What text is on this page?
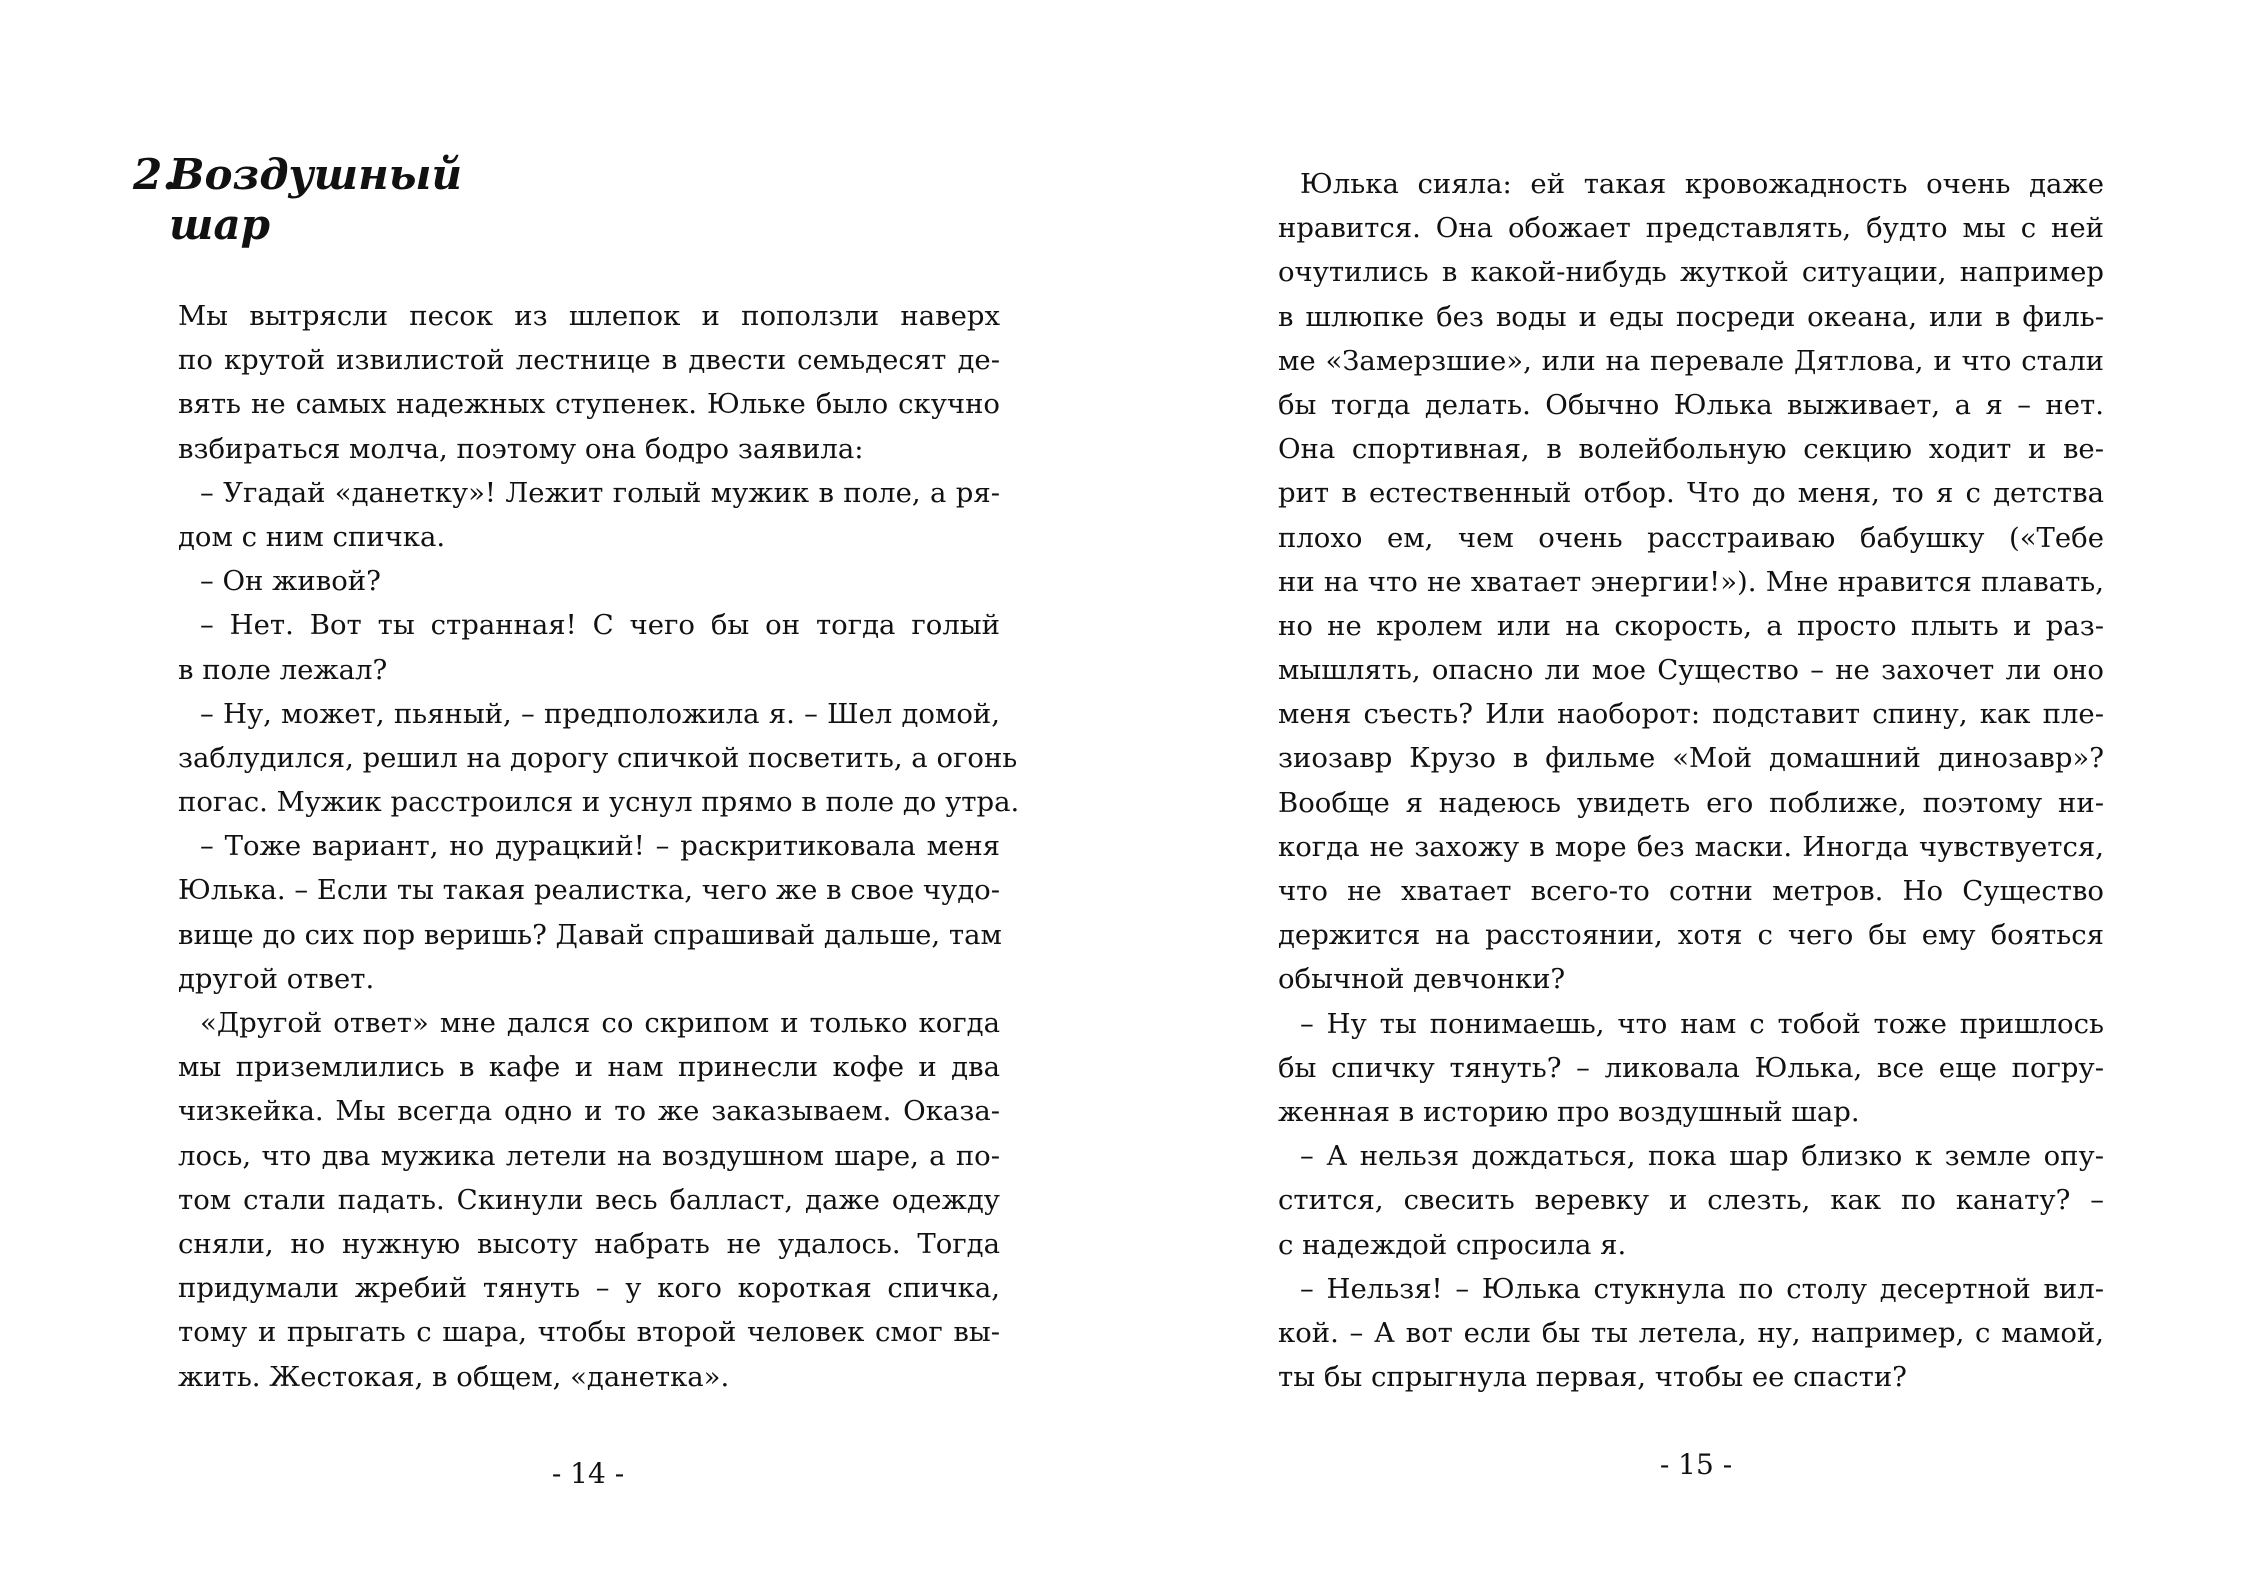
2.Воздушный
шар
Мы вытрясли песок из шлепок и поползли наверх
по крутой извилистой лестнице в двести семьдесят де-
вять не самых надежных ступенек. Юльке было скучно
взбираться молча, поэтому она бодро заявила:
– Угадай «данетку»! Лежит голый мужик в поле, а ря-
дом с ним спичка.
– Он живой?
– Нет. Вот ты странная! С чего бы он тогда голый
в поле лежал?
– Ну, может, пьяный, – предположила я. – Шел домой,
заблудился, решил на дорогу спичкой посветить, а огонь
погас. Мужик расстроился и уснул прямо в поле до утра.
– Тоже вариант, но дурацкий! – раскритиковала меня
Юлька. – Если ты такая реалистка, чего же в свое чудо-
вище до сих пор веришь? Давай спрашивай дальше, там
другой ответ.
«Другой ответ» мне дался со скрипом и только когда
мы приземлились в кафе и нам принесли кофе и два
чизкейка. Мы всегда одно и то же заказываем. Оказа-
лось, что два мужика летели на воздушном шаре, а по-
том стали падать. Скинули весь балласт, даже одежду
сняли, но нужную высоту набрать не удалось. Тогда
придумали жребий тянуть – у кого короткая спичка,
тому и прыгать с шара, чтобы второй человек смог вы-
жить. Жестокая, в общем, «данетка».
- 14 -
Юлька сияла: ей такая кровожадность очень даже
нравится. Она обожает представлять, будто мы с ней
очутились в какой-нибудь жуткой ситуации, например
в шлюпке без воды и еды посреди океана, или в филь-
ме «Замерзшие», или на перевале Дятлова, и что стали
бы тогда делать. Обычно Юлька выживает, а я – нет.
Она спортивная, в волейбольную секцию ходит и ве-
рит в естественный отбор. Что до меня, то я с детства
плохо ем, чем очень расстраиваю бабушку («Тебе
ни на что не хватает энергии!»). Мне нравится плавать,
но не кролем или на скорость, а просто плыть и раз-
мышлять, опасно ли мое Существо – не захочет ли оно
меня съесть? Или наоборот: подставит спину, как пле-
зиозавр Крузо в фильме «Мой домашний динозавр»?
Вообще я надеюсь увидеть его поближе, поэтому ни-
когда не захожу в море без маски. Иногда чувствуется,
что не хватает всего-то сотни метров. Но Существо
держится на расстоянии, хотя с чего бы ему бояться
обычной девчонки?
– Ну ты понимаешь, что нам с тобой тоже пришлось
бы спичку тянуть? – ликовала Юлька, все еще погру-
женная в историю про воздушный шар.
– А нельзя дождаться, пока шар близко к земле опу-
стится, свесить веревку и слезть, как по канату? –
с надеждой спросила я.
– Нельзя! – Юлька стукнула по столу десертной вил-
кой. – А вот если бы ты летела, ну, например, с мамой,
ты бы спрыгнула первая, чтобы ее спасти?
- 15 -
